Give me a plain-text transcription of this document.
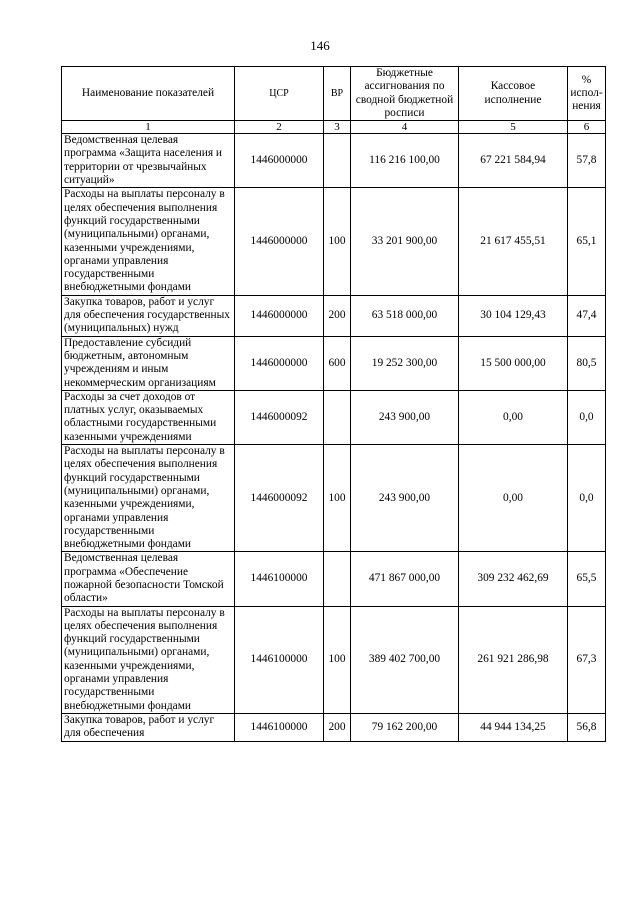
146
Наименование показателей	ЦСР	ВР	Бюджетные ассигнования по сводной бюджетной росписи	Кассовое исполнение	% испол-нения
1	2	3	4	5	6
Ведомственная целевая программа «Защита населения и территории от чрезвычайных ситуаций»	1446000000		116 216 100,00	67 221 584,94	57,8
Расходы на выплаты персоналу в целях обеспечения выполнения функций государственными (муниципальными) органами, казенными учреждениями, органами управления государственными внебюджетными фондами	1446000000	100	33 201 900,00	21 617 455,51	65,1
Закупка товаров, работ и услуг для обеспечения государственных (муниципальных) нужд	1446000000	200	63 518 000,00	30 104 129,43	47,4
Предоставление субсидий бюджетным, автономным учреждениям и иным некоммерческим организациям	1446000000	600	19 252 300,00	15 500 000,00	80,5
Расходы за счет доходов от платных услуг, оказываемых областными государственными казенными учреждениями	1446000092		243 900,00	0,00	0,0
Расходы на выплаты персоналу в целях обеспечения выполнения функций государственными (муниципальными) органами, казенными учреждениями, органами управления государственными внебюджетными фондами	1446000092	100	243 900,00	0,00	0,0
Ведомственная целевая программа «Обеспечение пожарной безопасности Томской области»	1446100000		471 867 000,00	309 232 462,69	65,5
Расходы на выплаты персоналу в целях обеспечения выполнения функций государственными (муниципальными) органами, казенными учреждениями, органами управления государственными внебюджетными фондами	1446100000	100	389 402 700,00	261 921 286,98	67,3
Закупка товаров, работ и услуг для обеспечения	1446100000	200	79 162 200,00	44 944 134,25	56,8
